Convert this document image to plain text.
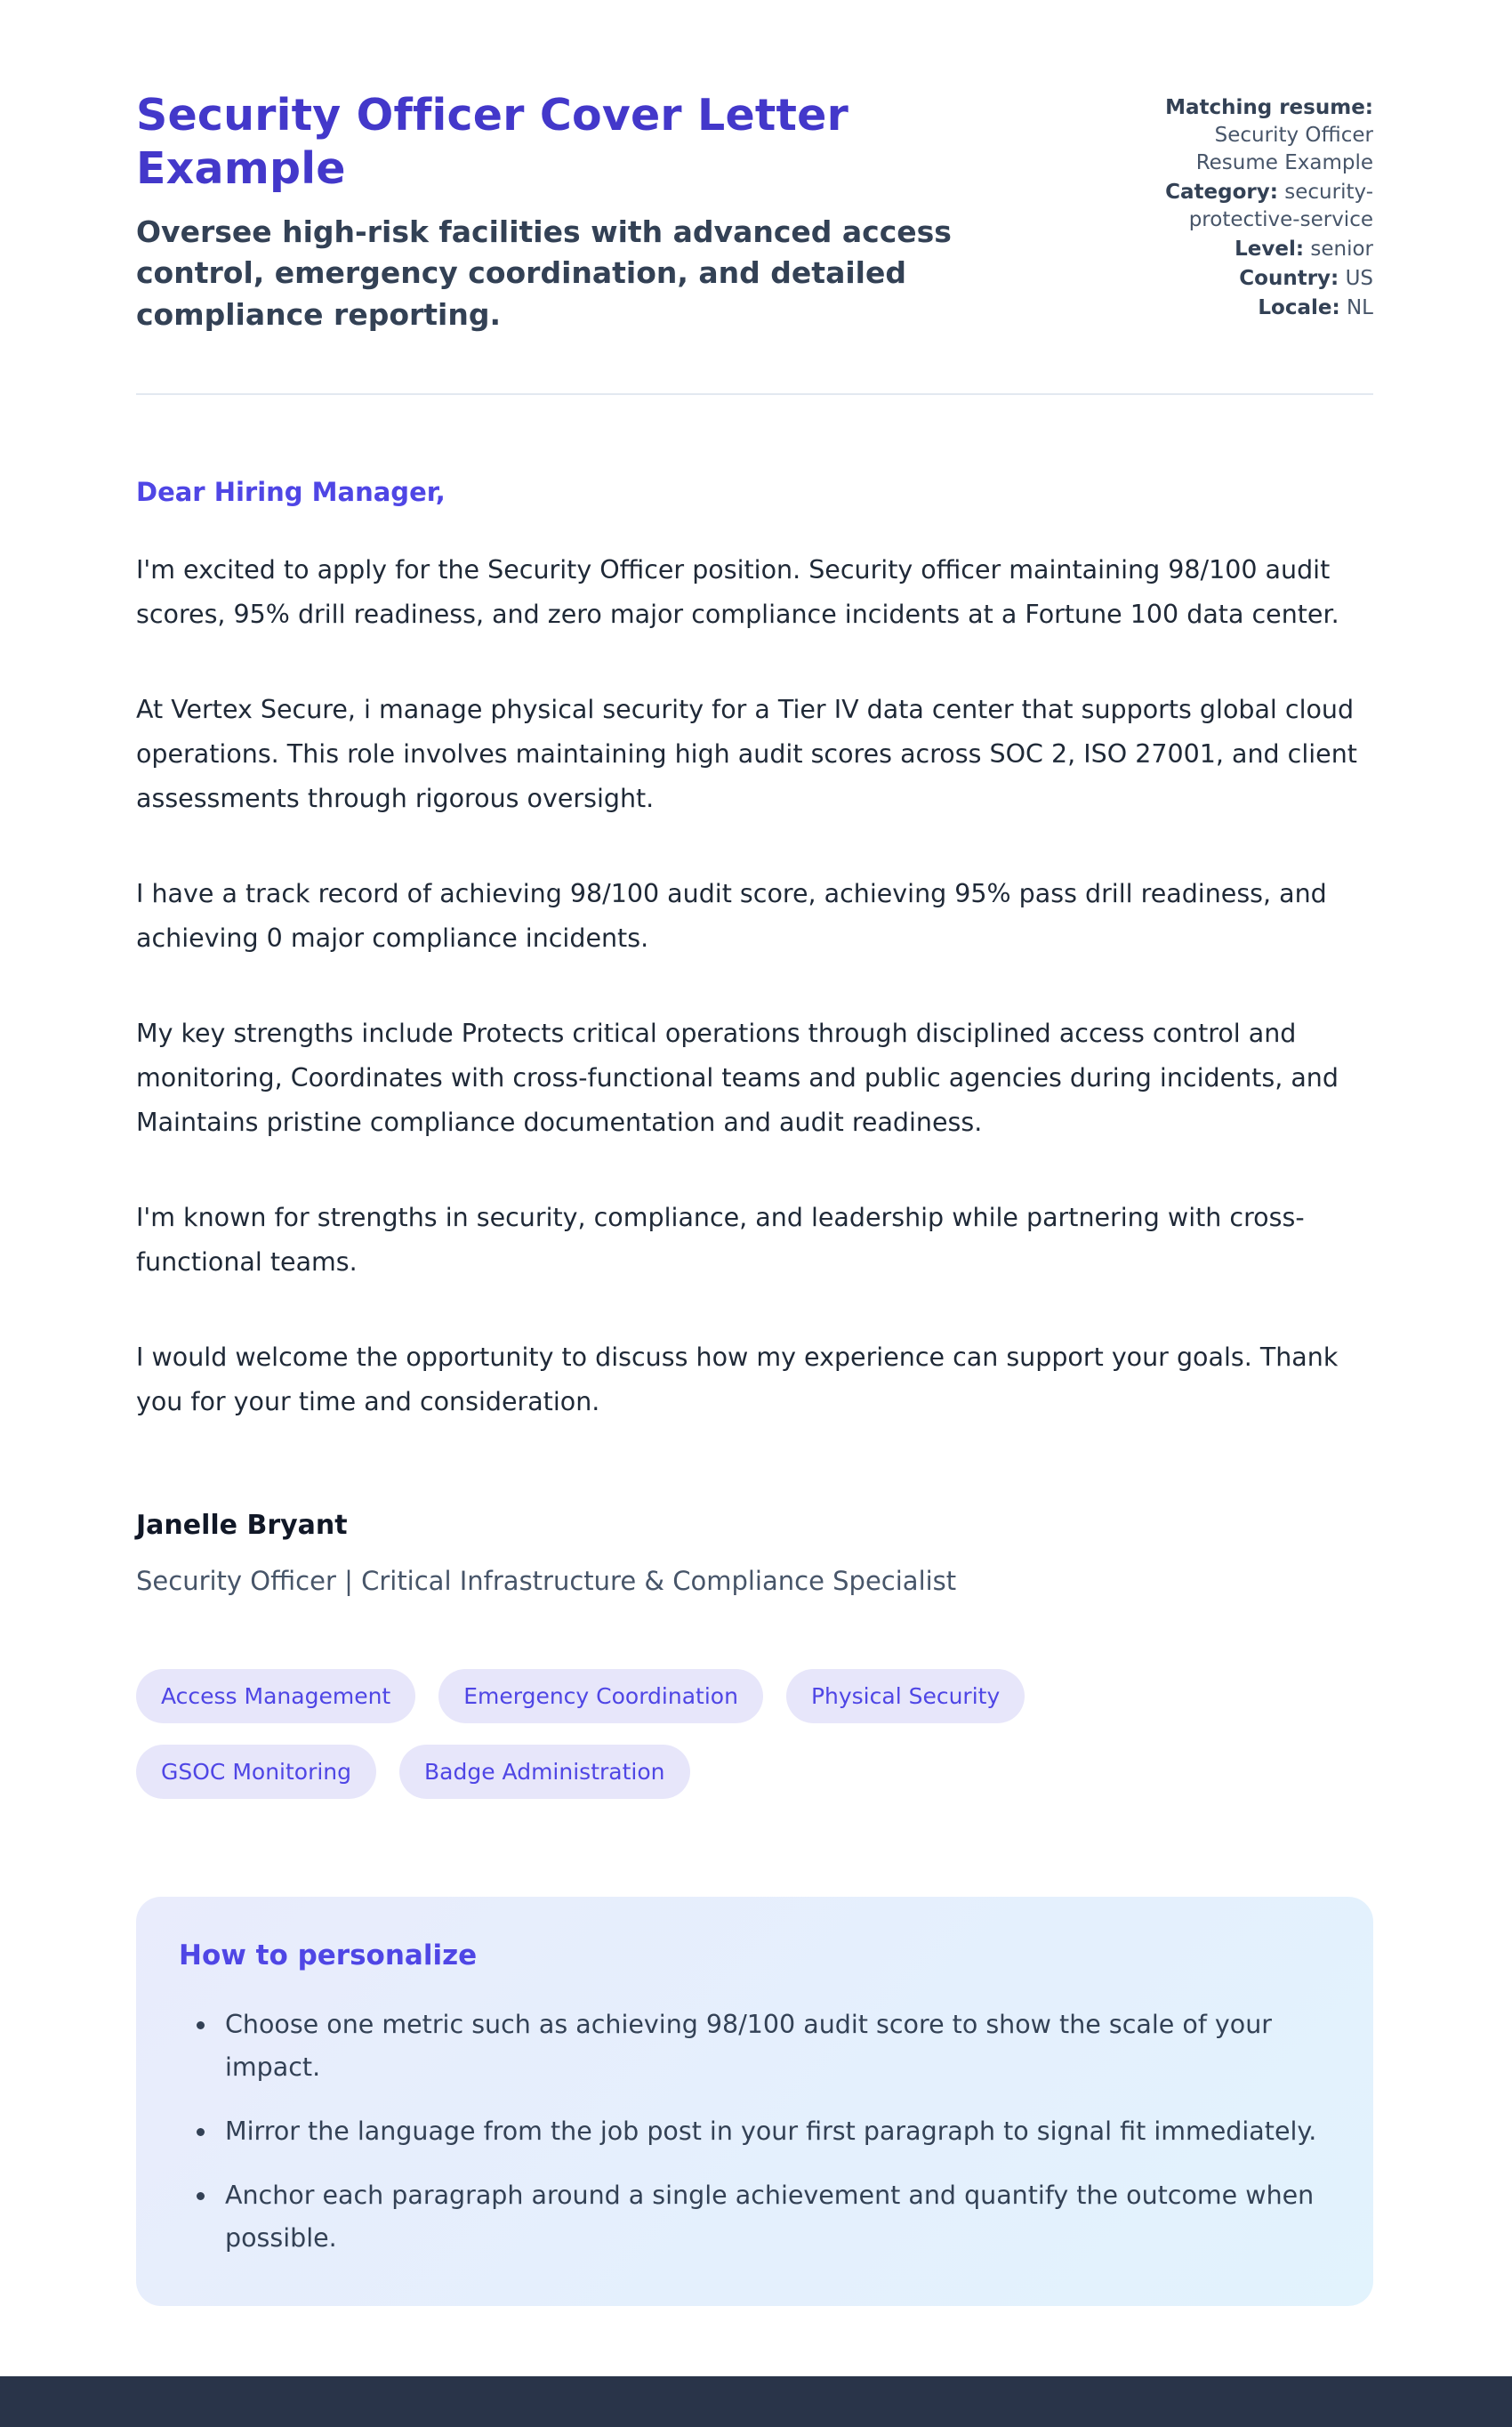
Security Officer Cover Letter Example

Oversee high-risk facilities with advanced access control, emergency coordination, and detailed compliance reporting.

Matching resume: Security Officer Resume Example
Category: security-protective-service
Level: senior
Country: US
Locale: NL

Dear Hiring Manager,

I'm excited to apply for the Security Officer position. Security officer maintaining 98/100 audit scores, 95% drill readiness, and zero major compliance incidents at a Fortune 100 data center.

At Vertex Secure, i manage physical security for a Tier IV data center that supports global cloud operations. This role involves maintaining high audit scores across SOC 2, ISO 27001, and client assessments through rigorous oversight.

I have a track record of achieving 98/100 audit score, achieving 95% pass drill readiness, and achieving 0 major compliance incidents.

My key strengths include Protects critical operations through disciplined access control and monitoring, Coordinates with cross-functional teams and public agencies during incidents, and Maintains pristine compliance documentation and audit readiness.

I'm known for strengths in security, compliance, and leadership while partnering with cross-functional teams.

I would welcome the opportunity to discuss how my experience can support your goals. Thank you for your time and consideration.

Janelle Bryant

Security Officer | Critical Infrastructure & Compliance Specialist

Access Management	Emergency Coordination	Physical Security
GSOC Monitoring	Badge Administration
How to personalize
• Choose one metric such as achieving 98/100 audit score to show the scale of your impact.
• Mirror the language from the job post in your first paragraph to signal fit immediately.
• Anchor each paragraph around a single achievement and quantify the outcome when possible.
